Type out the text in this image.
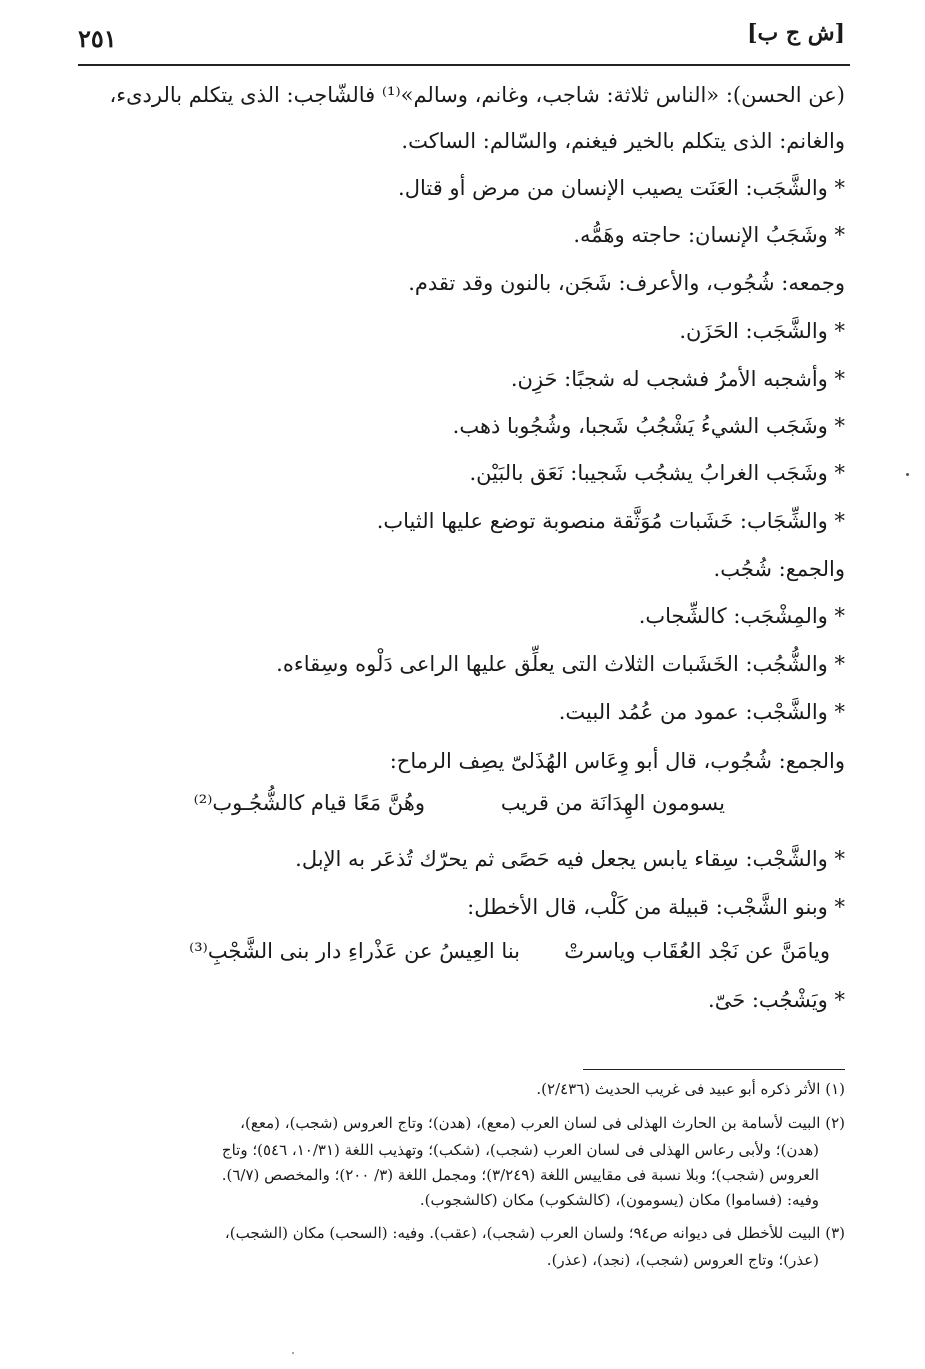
٢٥١	[ش ج ب]
(عن الحسن): «الناس ثلاثة: شاجب، وغانم، وسالم»⁽¹⁾ فالشّاجب: الذى يتكلم بالردىء،
والغانم: الذى يتكلم بالخير فيغنم، والسّالم: الساكت.
* والشَّجَب: العَنَت يصيب الإنسان من مرض أو قتال.
* وشَجَبُ الإنسان: حاجته وهَمُّه.
وجمعه: شُجُوب، والأعرف: شَجَن، بالنون وقد تقدم.
* والشَّجَب: الحَزَن.
* وأشجبه الأمرُ فشجب له شجبًا: حَزِن.
* وشَجَب الشيءُ يَشْجُبُ شَجبا، وشُجُوبا ذهب.
* وشَجَب الغرابُ يشجُب شَجيبا: نَعَق بالبَيْن.
* والشِّجَاب: خَشَبات مُوَثَّقة منصوبة توضع عليها الثياب.
والجمع: شُجُب.
* والمِشْجَب: كالشِّجاب.
* والشُّجُب: الخَشَبات الثلاث التى يعلِّق عليها الراعى دَلْوه وسِقاءه.
* والشَّجْب: عمود من عُمُد البيت.
والجمع: شُجُوب، قال أبو وِعَاس الهُذَلىّ يصِف الرماح:
يسومون الهِدَانَة من قريب
وهُنَّ مَعًا قيام كالشُّجُـوب⁽²⁾
* والشَّجْب: سِقاء يابس يجعل فيه حَصًى ثم يحرّك تُذعَر به الإبل.
* وبنو الشَّجْب: قبيلة من كَلْب، قال الأخطل:
بنا العِيسُ عن عَذْراءِ دار بنى الشَّجْبِ⁽³⁾ ويامَنَّ عن نَجْد العُقَاب وياسرتْ
* ويَشْجُب: حَىّ.
(١) الأثر ذكره أبو عبيد فى غريب الحديث (٢/٤٣٦).
(٢) البيت لأسامة بن الحارث الهذلى فى لسان العرب (معع)، (هدن)؛ وتاج العروس (شجب)، (معع)،
(هدن)؛ ولأبى رعاس الهذلى فى لسان العرب (شجب)، (شكب)؛ وتهذيب اللغة (١٠/٣١، ٥٤٦)؛ وتاج
العروس (شجب)؛ وبلا نسبة فى مقاييس اللغة (٣/٢٤٩)؛ ومجمل اللغة (٣/ ٢٠٠)؛ والمخصص (٦/٧).
وفيه: (فساموا) مكان (يسومون)، (كالشكوب) مكان (كالشجوب).
(٣) البيت للأخطل فى ديوانه ص٩٤؛ ولسان العرب (شجب)، (عقب). وفيه: (السحب) مكان (الشجب)،
(عذر)؛ وتاج العروس (شجب)، (نجد)، (عذر).
